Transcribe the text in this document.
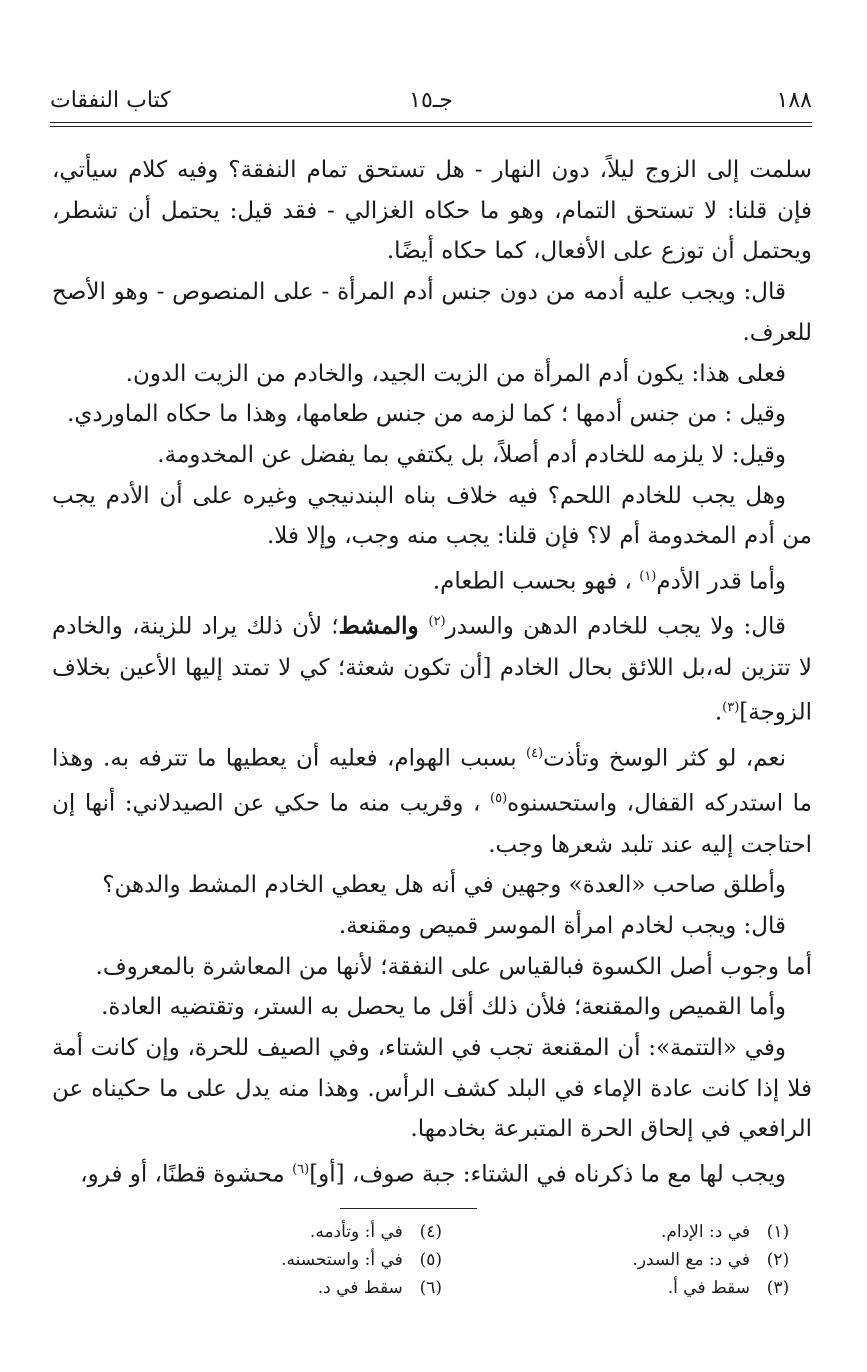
١٨٨
جـ١٥
كتاب النفقات

سلمت إلى الزوج ليلاً، دون النهار - هل تستحق تمام النفقة؟ وفيه كلام سيأتي، فإن قلنا: لا تستحق التمام، وهو ما حكاه الغزالي - فقد قيل: يحتمل أن تشطر، ويحتمل أن توزع على الأفعال، كما حكاه أيضًا.

قال: ويجب عليه أدمه من دون جنس أدم المرأة - على المنصوص - وهو الأصح للعرف.

فعلى هذا: يكون أدم المرأة من الزيت الجيد، والخادم من الزيت الدون.

وقيل : من جنس أدمها ؛ كما لزمه من جنس طعامها، وهذا ما حكاه الماوردي.

وقيل: لا يلزمه للخادم أدم أصلاً، بل يكتفي بما يفضل عن المخدومة.

وهل يجب للخادم اللحم؟ فيه خلاف بناه البندنيجي وغيره على أن الأدم يجب من أدم المخدومة أم لا؟ فإن قلنا: يجب منه وجب، وإلا فلا.

وأما قدر الأدم$^{(١)}$ ، فهو بحسب الطعام.

قال: ولا يجب للخادم الدهن والسدر$^{(٢)}$ والمشط؛ لأن ذلك يراد للزينة، والخادم لا تتزين له،بل اللائق بحال الخادم [أن تكون شعثة؛ كي لا تمتد إليها الأعين بخلاف الزوجة]$^{(٣)}$.

نعم، لو كثر الوسخ وتأذت$^{(٤)}$ بسبب الهوام، فعليه أن يعطيها ما تترفه به. وهذا ما استدركه القفال، واستحسنوه$^{(٥)}$ ، وقريب منه ما حكي عن الصيدلاني: أنها إن احتاجت إليه عند تلبد شعرها وجب.

وأطلق صاحب «العدة» وجهين في أنه هل يعطي الخادم المشط والدهن؟

قال: ويجب لخادم امرأة الموسر قميص ومقنعة.

أما وجوب أصل الكسوة فبالقياس على النفقة؛ لأنها من المعاشرة بالمعروف.

وأما القميص والمقنعة؛ فلأن ذلك أقل ما يحصل به الستر، وتقتضيه العادة.

وفي «التتمة»: أن المقنعة تجب في الشتاء، وفي الصيف للحرة، وإن كانت أمة فلا إذا كانت عادة الإماء في البلد كشف الرأس. وهذا منه يدل على ما حكيناه عن الرافعي في إلحاق الحرة المتبرعة بخادمها.

ويجب لها مع ما ذكرناه في الشتاء: جبة صوف، [أو]$^{(٦)}$ محشوة قطنًا، أو فرو،

(١)
في د: الإدام.
(٢)
في د: مع السدر.
(٣)
سقط في أ.
(٤)
في أ: وتأدمه.
(٥)
في أ: واستحسنه.
(٦)
سقط في د.
